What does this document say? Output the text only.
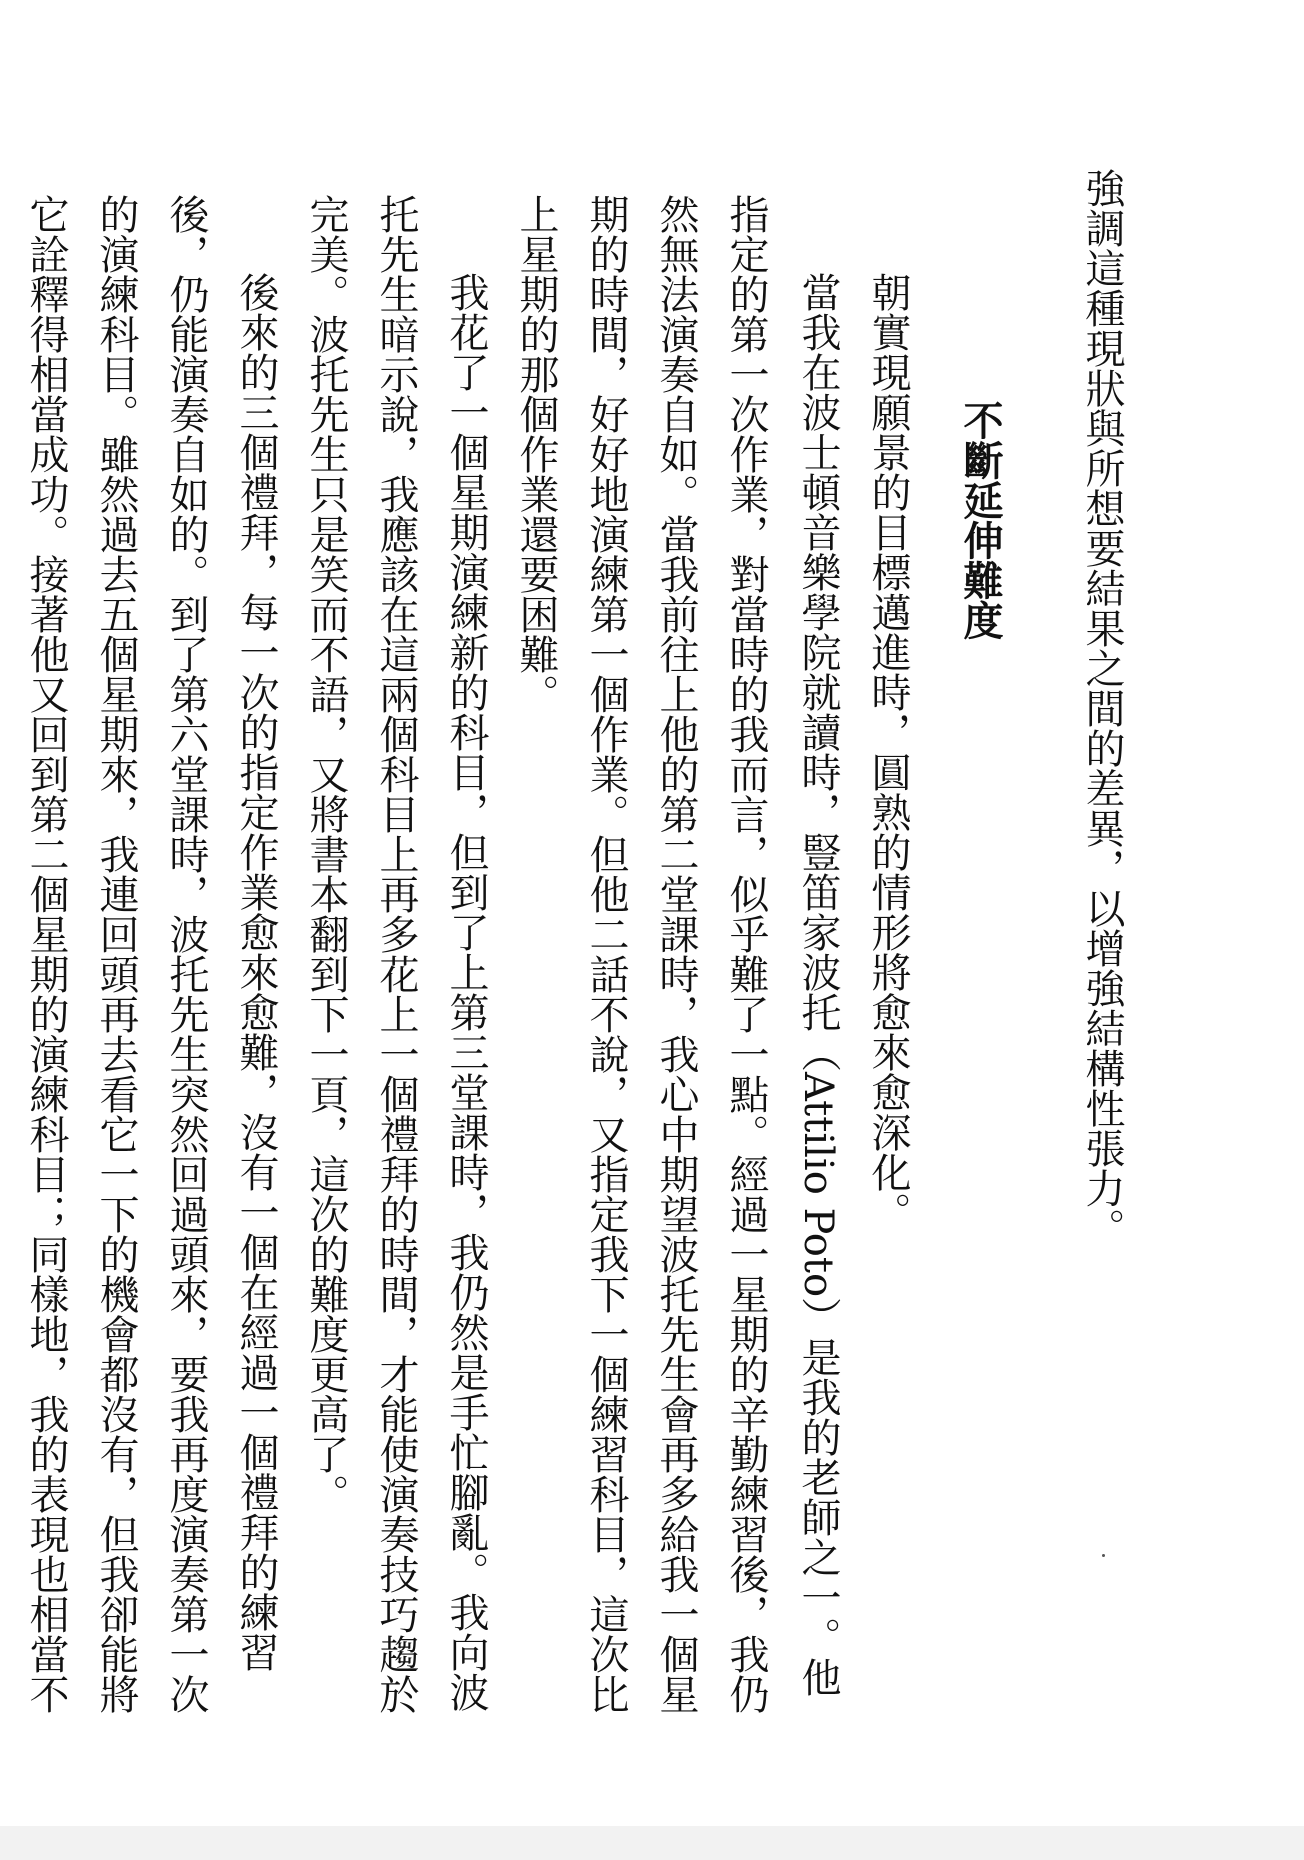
強調這種現狀與所想要結果之間的差異，以增強結構性張力。
不斷延伸難度
朝實現願景的目標邁進時，圓熟的情形將愈來愈深化。
當我在波士頓音樂學院就讀時，豎笛家波托（Attilio Poto）是我的老師之一。他
指定的第一次作業，對當時的我而言，似乎難了一點。經過一星期的辛勤練習後，我仍
然無法演奏自如。當我前往上他的第二堂課時，我心中期望波托先生會再多給我一個星
期的時間，好好地演練第一個作業。但他二話不說，又指定我下一個練習科目，這次比
上星期的那個作業還要困難。
我花了一個星期演練新的科目，但到了上第三堂課時，我仍然是手忙腳亂。我向波
托先生暗示說，我應該在這兩個科目上再多花上一個禮拜的時間，才能使演奏技巧趨於
完美。波托先生只是笑而不語，又將書本翻到下一頁，這次的難度更高了。
後來的三個禮拜，每一次的指定作業愈來愈難，沒有一個在經過一個禮拜的練習
後，仍能演奏自如的。到了第六堂課時，波托先生突然回過頭來，要我再度演奏第一次
的演練科目。雖然過去五個星期來，我連回頭再去看它一下的機會都沒有，但我卻能將
它詮釋得相當成功。接著他又回到第二個星期的演練科目；同樣地，我的表現也相當不
